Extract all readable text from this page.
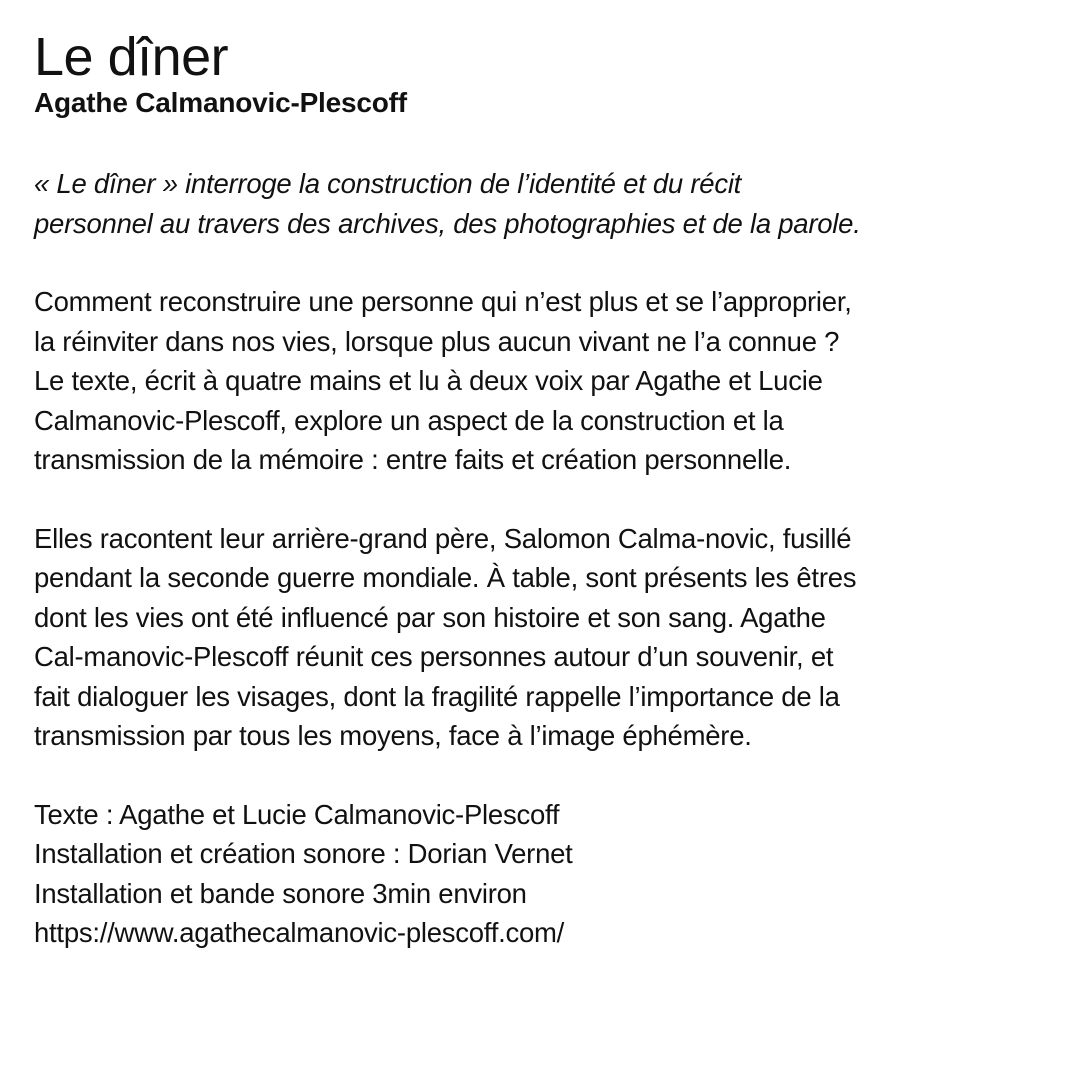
Le dîner
Agathe Calmanovic-Plescoff

« Le dîner » interroge la construction de l’identité et du récit
personnel au travers des archives, des photographies et de la parole.

Comment reconstruire une personne qui n’est plus et se l’approprier,
la réinviter dans nos vies, lorsque plus aucun vivant ne l’a connue ?
Le texte, écrit à quatre mains et lu à deux voix par Agathe et Lucie
Calmanovic-Plescoff, explore un aspect de la construction et la
transmission de la mémoire : entre faits et création personnelle.

Elles racontent leur arrière-grand père, Salomon Calma-novic, fusillé
pendant la seconde guerre mondiale. À table, sont présents les êtres
dont les vies ont été influencé par son histoire et son sang. Agathe
Cal-manovic-Plescoff réunit ces personnes autour d’un souvenir, et
fait dialoguer les visages, dont la fragilité rappelle l’importance de la
transmission par tous les moyens, face à l’image éphémère.

Texte : Agathe et Lucie Calmanovic-Plescoff
Installation et création sonore : Dorian Vernet
Installation et bande sonore 3min environ
https://www.agathecalmanovic-plescoff.com/
